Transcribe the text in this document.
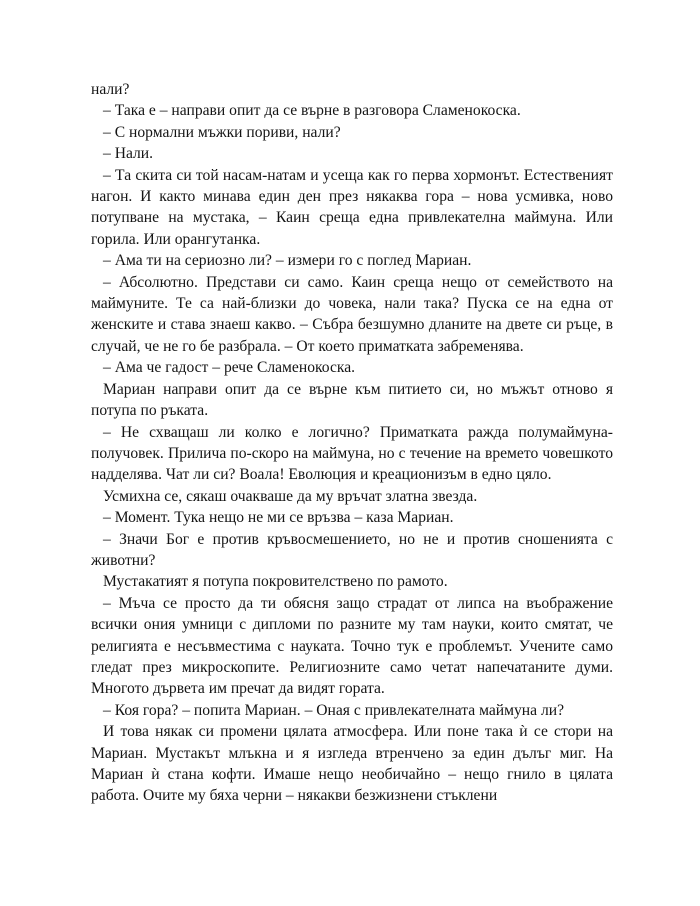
нали?

– Така е – направи опит да се върне в разговора Сламенокоска.

– С нормални мъжки пориви, нали?

– Нали.

– Та скита си той насам-натам и усеща как го перва хормонът. Естественият нагон. И както минава един ден през някаква гора – нова усмивка, ново потупване на мустака, – Каин среща една привлекателна маймуна. Или горила. Или орангутанка.

– Ама ти на сериозно ли? – измери го с поглед Мариан.

– Абсолютно. Представи си само. Каин среща нещо от семейството на маймуните. Те са най-близки до човека, нали така? Пуска се на една от женските и става знаеш какво. – Събра безшумно дланите на двете си ръце, в случай, че не го бе разбрала. – От което приматката забременява.

– Ама че гадост – рече Сламенокоска.

Мариан направи опит да се върне към питието си, но мъжът отново я потупа по ръката.

– Не схващаш ли колко е логично? Приматката ражда полумаймуна-получовек. Прилича по-скоро на маймуна, но с течение на времето човешкото надделява. Чат ли си? Воала! Еволюция и креационизъм в едно цяло.

Усмихна се, сякаш очакваше да му връчат златна звезда.

– Момент. Тука нещо не ми се връзва – каза Мариан.

– Значи Бог е против кръвосмешението, но не и против сношенията с животни?

Мустакатият я потупа покровителствено по рамото.

– Мъча се просто да ти обясня защо страдат от липса на въображение всички ония умници с дипломи по разните му там науки, които смятат, че религията е несъвместима с науката. Точно тук е проблемът. Учените само гледат през микроскопите. Религиозните само четат напечатаните думи. Многото дървета им пречат да видят гората.

– Коя гора? – попита Мариан. – Оная с привлекателната маймуна ли?

И това някак си промени цялата атмосфера. Или поне така ѝ се стори на Мариан. Мустакът млъкна и я изгледа втренчено за един дълъг миг. На Мариан ѝ стана кофти. Имаше нещо необичайно – нещо гнило в цялата работа. Очите му бяха черни – някакви безжизнени стъклени
